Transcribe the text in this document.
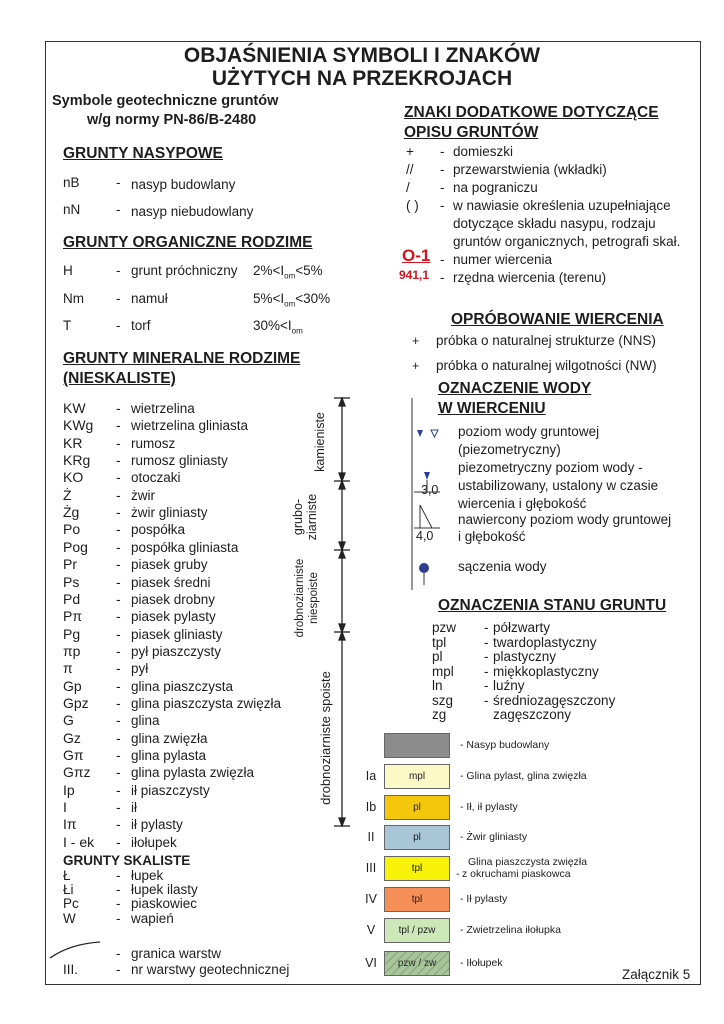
OBJAŚNIENIA SYMBOLI I ZNAKÓW
UŻYTYCH NA PRZEKROJACH
Symbole geotechniczne gruntów
w/g normy PN-86/B-2480
GRUNTY NASYPOWE
nB	- nasyp budowlany
nN	- nasyp niebudowlany
GRUNTY ORGANICZNE RODZIME
H	- grunt próchniczny $2\%<I_{om}<5\%$
Nm - namuł	$5\%<I_{om}<30\%$
T	- torf	$30\%<I_{om}$
GRUNTY MINERALNE RODZIME
(NIESKALISTE)
KW - wietrzelina
KWg - wietrzelina gliniasta
KR - rumosz
KRg - rumosz gliniasty
KO - otoczaki
Ż	- żwir
Żg	- żwir gliniasty
Po	- pospółka
Pog - pospółka gliniasta
Pr	- piasek gruby
Ps	- piasek średni
Pd	- piasek drobny
Pπ - piasek pylasty
Pg	- piasek gliniasty
πp	- pył piaszczysty
π	- pył
Gp - glina piaszczysta
Gpz - glina piaszczysta zwięzła
G	- glina
Gz	- glina zwięzła
Gπ - glina pylasta
Gπz - glina pylasta zwięzła
Ip	- ił piaszczysty
I	- ił
Iπ	- ił pylasty
I - ek - iłołupek
kamieniste
grubo-
ziarniste
drobnoziarniste niespoiste
drobnoziarniste spoiste
GRUNTY SKALISTE
Ł	- łupek
Łi	- łupek ilasty
Pc	- piaskowiec
W	- wapień
- granica warstw
III.	- nr warstwy geotechnicznej
ZNAKI DODATKOWE DOTYCZĄCE
OPISU GRUNTÓW
+ - domieszki
// - przewarstwienia (wkładki)
/ - na pograniczu
( ) - w nawiasie określenia uzupełniające
dotyczące składu nasypu, rodzaju
gruntów organicznych, petrografi skał.
O-1
941,1
- numer wiercenia
- rzędna wiercenia (terenu)
OPRÓBOWANIE WIERCENIA
+ próbka o naturalnej strukturze (NNS)
+ próbka o naturalnej wilgotności (NW)
OZNACZENIE WODY
W WIERCENIU
poziom wody gruntowej
(piezometryczny)
piezometryczny poziom wody -
ustabilizowany, ustalony w czasie
wiercenia i głębokość
nawiercony poziom wody gruntowej
i głębokość
sączenia wody
3,0
4,0
OZNACZENIA STANU GRUNTU
pzw - półzwarty
tpl	- twardoplastyczny
pl	- plastyczny
mpl - miękkoplastyczny
ln	- luźny
szg - średniozagęszczony
zg	zagęszczony
- Nasyp budowlany
mpl
Ia	- Glina pylast, glina zwięzła
pl
Ib	- Ił, ił pylasty
pl
II	- Żwir gliniasty
tpl
III	Glina piaszczysta zwięzła
z okruchami piaskowca
-
tpl
IV	- Ił pylasty
tpl / pzw
V	- Zwietrzelina iłołupka
VI	- Iłołupek
Załącznik 5
